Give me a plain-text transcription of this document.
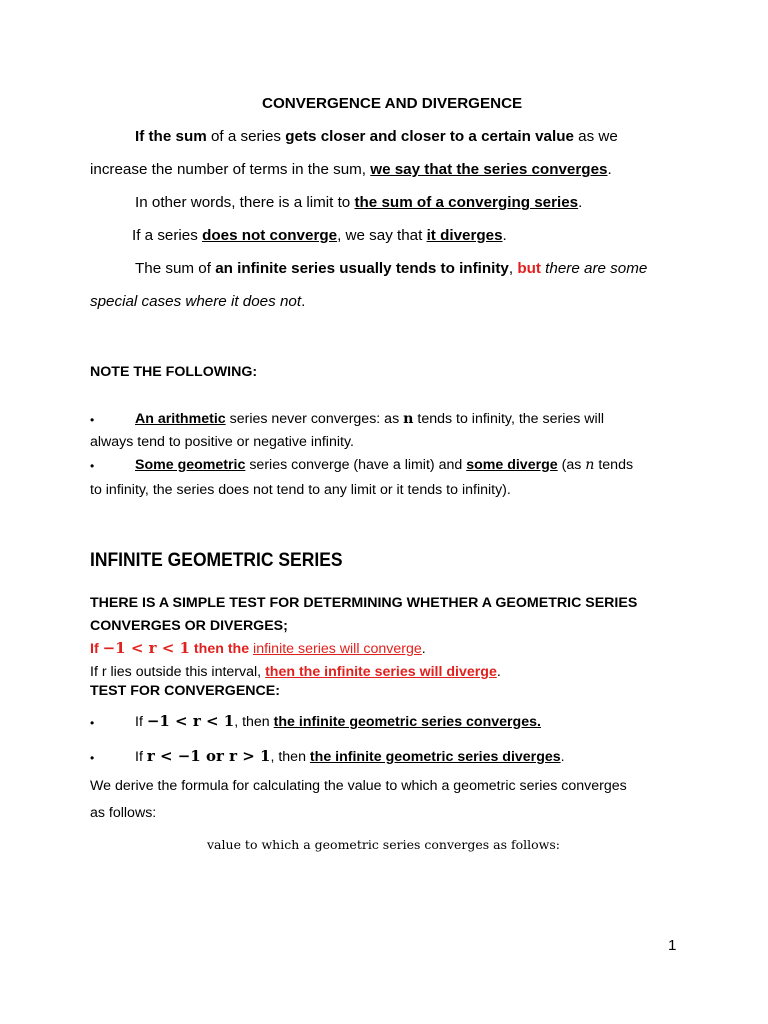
CONVERGENCE AND DIVERGENCE
If the sum of a series gets closer and closer to a certain value as we
increase the number of terms in the sum, we say that the series converges.
In other words, there is a limit to the sum of a converging series.
If a series does not converge, we say that it diverges.
The sum of an infinite series usually tends to infinity, but there are some
special cases where it does not.
NOTE THE FOLLOWING:
•	An arithmetic series never converges: as n tends to infinity, the series will
always tend to positive or negative infinity.
•	Some geometric series converge (have a limit) and some diverge (as n tends
to infinity, the series does not tend to any limit or it tends to infinity).
INFINITE GEOMETRIC SERIES
THERE IS A SIMPLE TEST FOR DETERMINING WHETHER A GEOMETRIC SERIES
CONVERGES OR DIVERGES;
If −1 < r < 1 then the infinite series will converge.
If r lies outside this interval, then the infinite series will diverge.
TEST FOR CONVERGENCE:
•	If −1 < r < 1, then the infinite geometric series converges.
•	If r < −1 or r > 1, then the infinite geometric series diverges.
We derive the formula for calculating the value to which a geometric series converges
as follows:
value to which a geometric series converges as follows:
1
